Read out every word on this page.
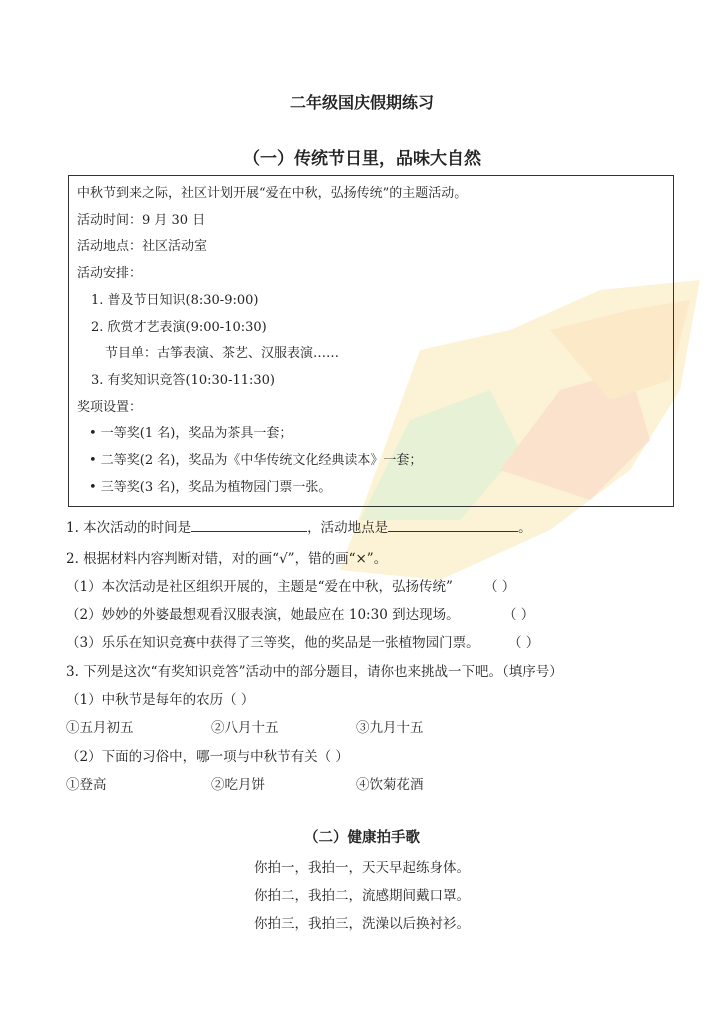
二年级国庆假期练习
（一）传统节日里，品味大自然
中秋节到来之际，社区计划开展“爱在中秋，弘扬传统”的主题活动。
活动时间：9 月 30 日
活动地点：社区活动室
活动安排：
1. 普及节日知识(8:30-9:00)
2. 欣赏才艺表演(9:00-10:30)
节目单：古筝表演、茶艺、汉服表演……
3. 有奖知识竞答(10:30-11:30)
奖项设置：
• 一等奖(1 名)，奖品为茶具一套；
• 二等奖(2 名)，奖品为《中华传统文化经典读本》一套；
• 三等奖(3 名)，奖品为植物园门票一张。
1. 本次活动的时间是	，活动地点是	。
2. 根据材料内容判断对错，对的画“√”，错的画“×”。
（1）本次活动是社区组织开展的，主题是“爱在中秋，弘扬传统” （ ）
（2）妙妙的外婆最想观看汉服表演，她最应在 10:30 到达现场。	（ ）
（3）乐乐在知识竞赛中获得了三等奖，他的奖品是一张植物园门票。 （ ）
3. 下列是这次“有奖知识竞答”活动中的部分题目，请你也来挑战一下吧。（填序号）
（1）中秋节是每年的农历（ ）
①五月初五	②八月十五	③九月十五
（2）下面的习俗中，哪一项与中秋节有关（ ）
①登高	②吃月饼	④饮菊花酒
（二）健康拍手歌
你拍一，我拍一，天天早起练身体。
你拍二，我拍二，流感期间戴口罩。
你拍三，我拍三，洗澡以后换衬衫。
